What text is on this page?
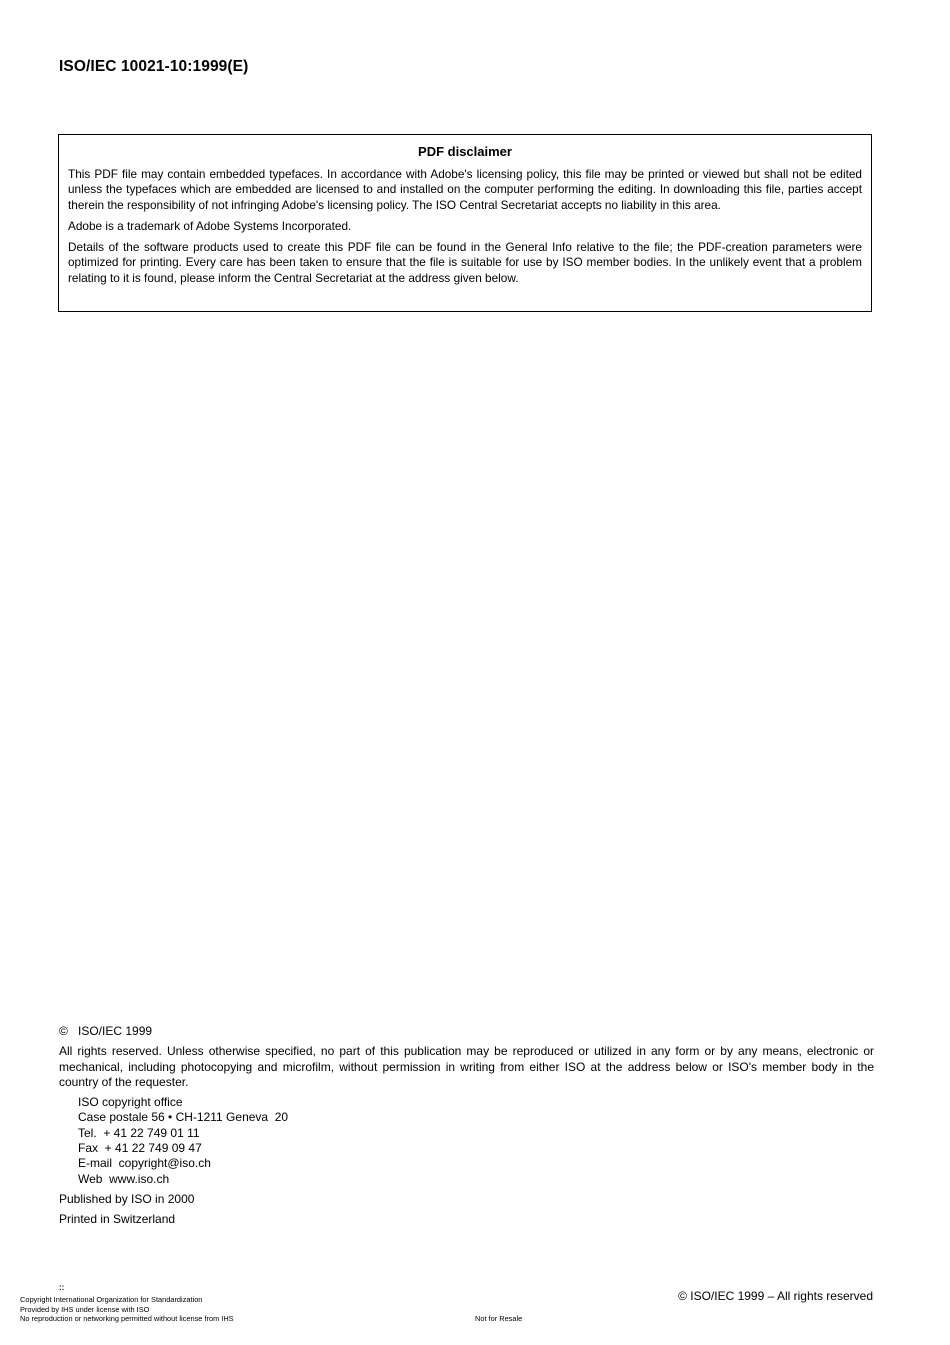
ISO/IEC 10021-10:1999(E)
PDF disclaimer

This PDF file may contain embedded typefaces. In accordance with Adobe's licensing policy, this file may be printed or viewed but shall not be edited unless the typefaces which are embedded are licensed to and installed on the computer performing the editing. In downloading this file, parties accept therein the responsibility of not infringing Adobe's licensing policy. The ISO Central Secretariat accepts no liability in this area.

Adobe is a trademark of Adobe Systems Incorporated.

Details of the software products used to create this PDF file can be found in the General Info relative to the file; the PDF-creation parameters were optimized for printing. Every care has been taken to ensure that the file is suitable for use by ISO member bodies. In the unlikely event that a problem relating to it is found, please inform the Central Secretariat at the address given below.

© ISO/IEC 1999

All rights reserved. Unless otherwise specified, no part of this publication may be reproduced or utilized in any form or by any means, electronic or mechanical, including photocopying and microfilm, without permission in writing from either ISO at the address below or ISO's member body in the country of the requester.

ISO copyright office
Case postale 56 • CH-1211 Geneva  20
Tel.  + 41 22 749 01 11
Fax  + 41 22 749 09 47
E-mail  copyright@iso.ch
Web  www.iso.ch
Published by ISO in 2000
Printed in Switzerland
::
Copyright International Organization for Standardization
Provided by IHS under license with ISO
No reproduction or networking permitted without license from IHS
© ISO/IEC 1999 – All rights reserved
Not for Resale
